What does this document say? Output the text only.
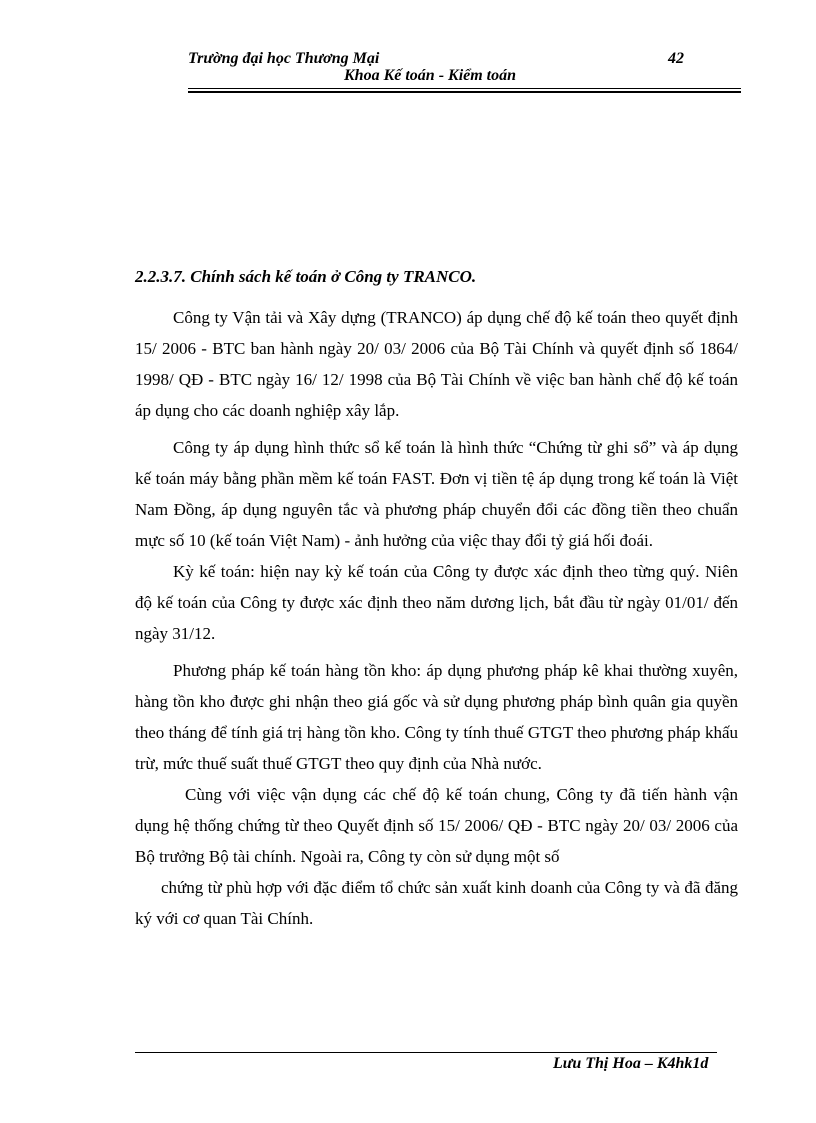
Trường đại học Thương Mại	42
Khoa Kế toán - Kiểm toán
2.2.3.7. Chính sách kế toán ở Công ty TRANCO.

Công ty Vận tải và Xây dựng (TRANCO) áp dụng chế độ kế toán theo quyết định 15/ 2006 - BTC ban hành ngày 20/ 03/ 2006 của Bộ Tài Chính và quyết định số 1864/ 1998/ QĐ - BTC ngày 16/ 12/ 1998 của Bộ Tài Chính về việc ban hành chế độ kế toán áp dụng cho các doanh nghiệp xây lắp.

Công ty áp dụng hình thức sổ kế toán là hình thức “Chứng từ ghi sổ” và áp dụng kế toán máy bằng phần mềm kế toán FAST. Đơn vị tiền tệ áp dụng trong kế toán là Việt Nam Đồng, áp dụng nguyên tắc và phương pháp chuyển đổi các đồng tiền theo chuẩn mực số 10 (kế toán Việt Nam) - ảnh hưởng của việc thay đổi tỷ giá hối đoái.

Kỳ kế toán: hiện nay kỳ kế toán của Công ty được xác định theo từng quý. Niên độ kế toán của Công ty được xác định theo năm dương lịch, bắt đầu từ ngày 01/01/ đến ngày 31/12.

Phương pháp kế toán hàng tồn kho: áp dụng phương pháp kê khai thường xuyên, hàng tồn kho được ghi nhận theo giá gốc và sử dụng phương pháp bình quân gia quyền theo tháng để tính giá trị hàng tồn kho. Công ty tính thuế GTGT theo phương pháp khấu trừ, mức thuế suất thuế GTGT theo quy định của Nhà nước.

Cùng với việc vận dụng các chế độ kế toán chung, Công ty đã tiến hành vận dụng hệ thống chứng từ theo Quyết định số 15/ 2006/ QĐ - BTC ngày 20/ 03/ 2006 của Bộ trưởng Bộ tài chính. Ngoài ra, Công ty còn sử dụng một số

chứng từ phù hợp với đặc điểm tổ chức sản xuất kinh doanh của Công ty và đã đăng ký với cơ quan Tài Chính.

Lưu Thị Hoa – K4hk1d
